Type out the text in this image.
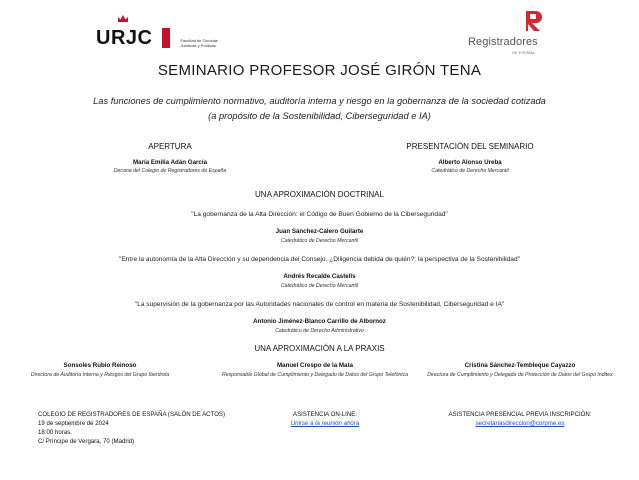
URJC	Facultad de Ciencias
Jurídicas y Políticas	Registradores
DE ESPAÑA
SEMINARIO PROFESOR JOSÉ GIRÓN TENA
Las funciones de cumplimiento normativo, auditoría interna y riesgo en la gobernanza de la sociedad cotizada
(a propósito de la Sostenibilidad, Ciberseguridad e IA)
APERTURA
María Emilia Adán García
Decana del Colegio de Registradores de España
PRESENTACIÓN DEL SEMINARIO
Alberto Alonso Ureba
Catedrático de Derecho Mercantil
UNA APROXIMACIÓN DOCTRINAL
"La gobernanza de la Alta Dirección: el Código de Buen Gobierno de la Ciberseguridad"
Juan Sánchez-Calero Guilarte
Catedrático de Derecho Mercantil
"Entre la autonomía de la Alta Dirección y su dependencia del Consejo. ¿Diligencia debida de quién?: la perspectiva de la Sostenibilidad"
Andrés Recalde Castells
Catedrático de Derecho Mercantil
"La supervisión de la gobernanza por las Autoridades nacionales de control en materia de Sostenibilidad, Ciberseguridad e IA"
Antonio Jiménez-Blanco Carrillo de Albornoz
Catedrático de Derecho Administrativo
UNA APROXIMACIÓN A LA PRAXIS
Sonsoles Rubio Reinoso
Directora de Auditoría Interna y Riesgos del Grupo Iberdrola
Manuel Crespo de la Mata
Responsable Global de Cumplimiento y Delegado de Datos del Grupo Telefónica
Cristina Sánchez-Tembleque Cayazzo
Directora de Cumplimiento y Delegada de Protección de Datos del Grupo Inditex
COLEGIO DE REGISTRADORES DE ESPAÑA (SALÓN DE ACTOS)
19 de septiembre de 2024
18:00 horas.
C/ Príncipe de Vergara, 70 (Madrid)
ASISTENCIA ON-LINE:
Unirse a la reunión ahora
ASISTENCIA PRESENCIAL PREVIA INSCRIPCIÓN:
secretariasdireccion@corpme.es
